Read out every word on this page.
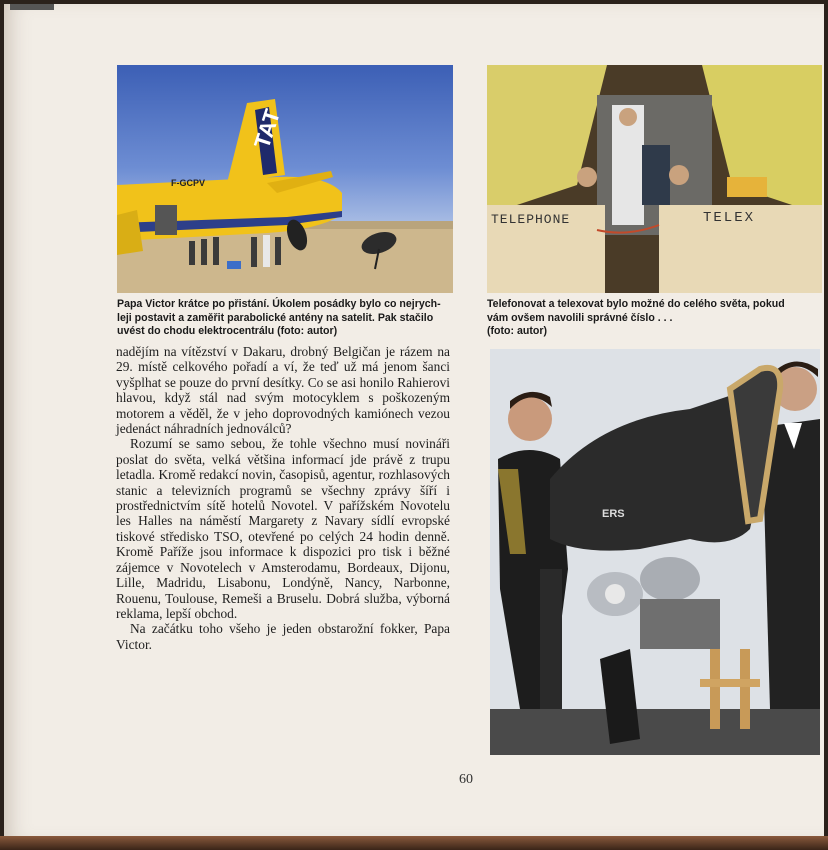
TAT
F-GCPV
Papa Victor krátce po přistání. Úkolem posádky bylo co nejrych-
leji postavit a zaměřit parabolické antény na satelit. Pak stačilo
uvést do chodu elektrocentrálu (foto: autor)
TELEPHONE	TELEX
Telefonovat a telexovat bylo možné do celého světa, pokud
vám ovšem navolili správné číslo . . .
(foto: autor)

nadějím na vítězství v Dakaru, drobný Belgičan je rázem na 29. místě celkového pořadí a ví, že teď už má jenom šanci vyšplhat se pouze do první desítky. Co se asi honilo Rahierovi hlavou, když stál nad svým motocyklem s poškozeným motorem a věděl, že v jeho doprovodných kamiónech vezou jedenáct náhradních jednoválců?

Rozumí se samo sebou, že tohle všechno musí novináři poslat do světa, velká většina informací jde právě z trupu letadla. Kromě redakcí novin, časopisů, agentur, rozhlasových stanic a televizních programů se všechny zprávy šíří i prostřednictvím sítě hotelů Novotel. V pařížském Novotelu les Halles na náměstí Margarety z Navary sídlí evropské tiskové středisko TSO, otevřené po celých 24 hodin denně. Kromě Paříže jsou informace k dispozici pro tisk i běžné zájemce v Novotelech v Amsterodamu, Bordeaux, Dijonu, Lille, Madridu, Lisabonu, Londýně, Nancy, Narbonne, Rouenu, Toulouse, Remeši a Bruselu. Dobrá služba, výborná reklama, lepší obchod.

Na začátku toho všeho je jeden obstarožní fokker, Papa Victor.

ERS
60
